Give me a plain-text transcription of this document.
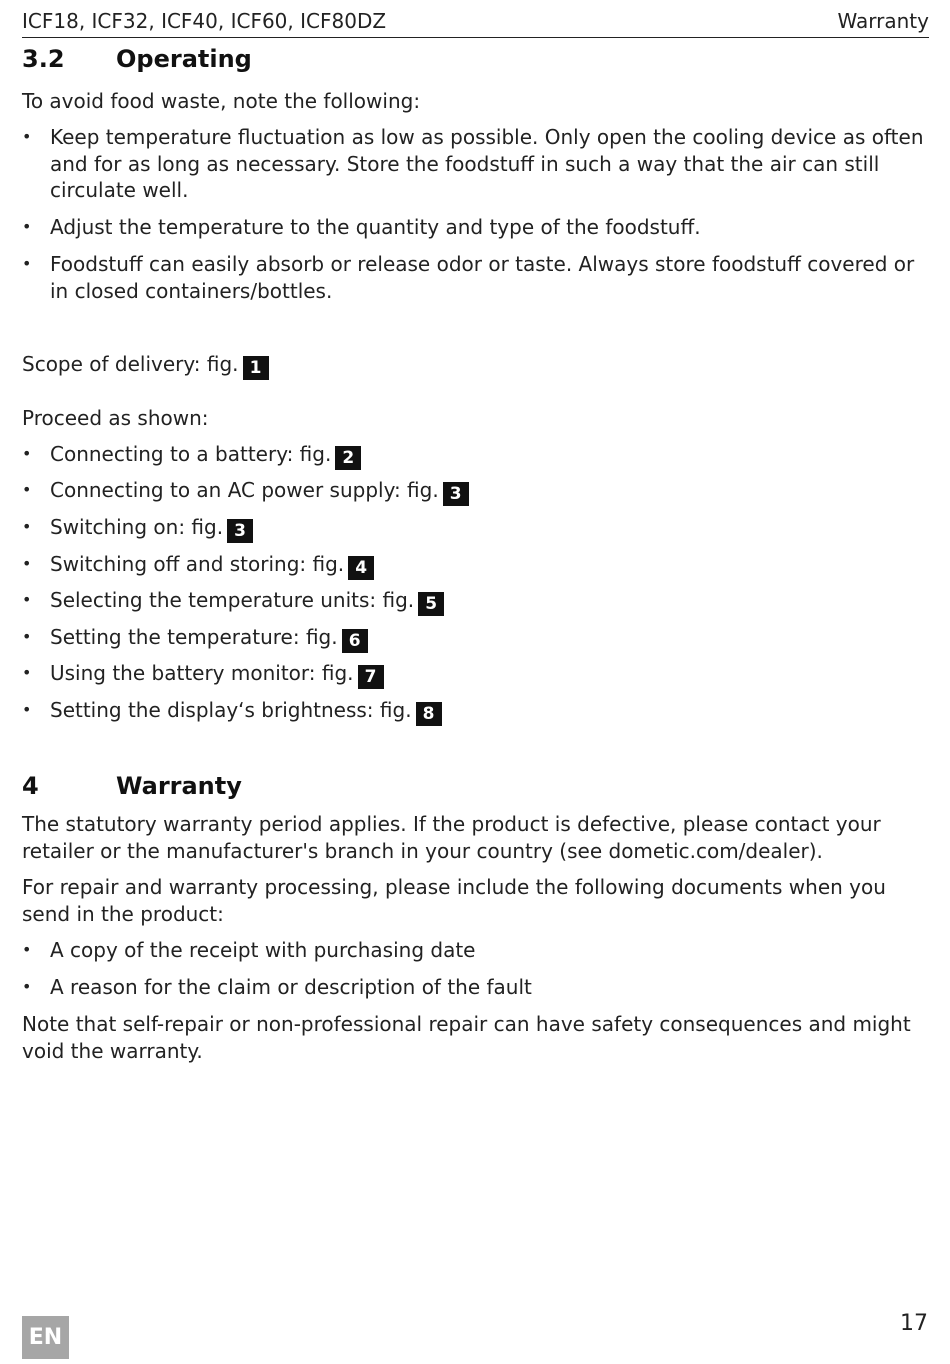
ICF18, ICF32, ICF40, ICF60, ICF80DZ	Warranty
3.2 Operating
To avoid food waste, note the following:
• Keep temperature fluctuation as low as possible. Only open the cooling device as often and for as long as necessary. Store the foodstuff in such a way that the air can still circulate well.
• Adjust the temperature to the quantity and type of the foodstuff.
• Foodstuff can easily absorb or release odor or taste. Always store foodstuff covered or in closed containers/bottles.
Scope of delivery: fig. 1
Proceed as shown:
• Connecting to a battery: fig. 2
• Connecting to an AC power supply: fig. 3
• Switching on: fig. 3
• Switching off and storing: fig. 4
• Selecting the temperature units: fig. 5
• Setting the temperature: fig. 6
• Using the battery monitor: fig. 7
• Setting the display‘s brightness: fig. 8
4	Warranty
The statutory warranty period applies. If the product is defective, please contact your retailer or the manufacturer's branch in your country (see dometic.com/dealer).
For repair and warranty processing, please include the following documents when you send in the product:
• A copy of the receipt with purchasing date
• A reason for the claim or description of the fault
Note that self-repair or non-professional repair can have safety consequences and might void the warranty.
EN
17
